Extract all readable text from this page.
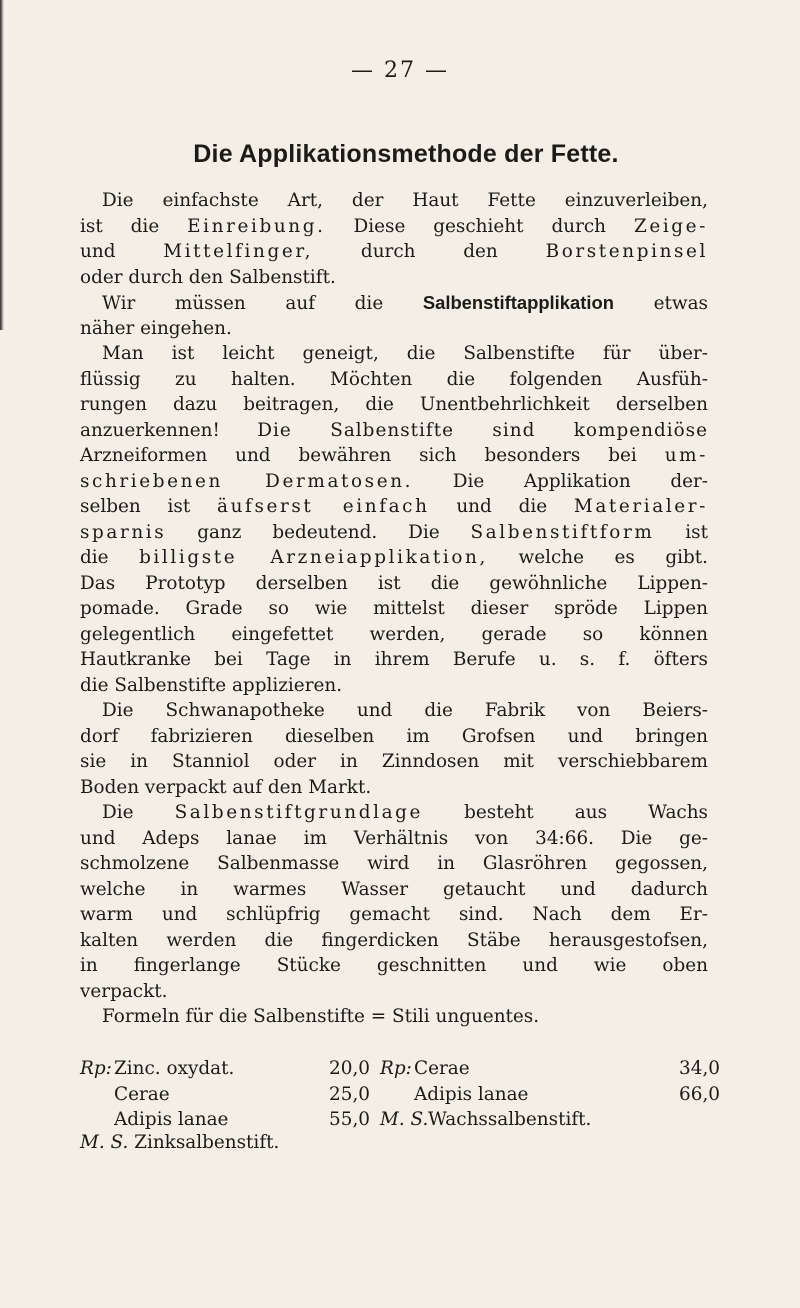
— 27 —
Die Applikationsmethode der Fette.
Die einfachste Art, der Haut Fette einzuverleiben,
ist die Einreibung. Diese geschieht durch Zeige-
und Mittelfinger, durch den Borstenpinsel
oder durch den Salbenstift.
Wir müssen auf die Salbenstiftapplikation etwas
näher eingehen.
Man ist leicht geneigt, die Salbenstifte für über-
flüssig zu halten. Möchten die folgenden Ausfüh-
rungen dazu beitragen, die Unentbehrlichkeit derselben
anzuerkennen! Die Salbenstifte sind kompendiöse
Arzneiformen und bewähren sich besonders bei um-
schriebenen Dermatosen. Die Applikation der-
selben ist äufserst einfach und die Materialer-
sparnis ganz bedeutend. Die Salbenstiftform ist
die billigste Arzneiapplikation, welche es gibt.
Das Prototyp derselben ist die gewöhnliche Lippen-
pomade. Grade so wie mittelst dieser spröde Lippen
gelegentlich eingefettet werden, gerade so können
Hautkranke bei Tage in ihrem Berufe u. s. f. öfters
die Salbenstifte applizieren.
Die Schwanapotheke und die Fabrik von Beiers-
dorf fabrizieren dieselben im Grofsen und bringen
sie in Stanniol oder in Zinndosen mit verschiebbarem
Boden verpackt auf den Markt.
Die Salbenstiftgrundlage besteht aus Wachs
und Adeps lanae im Verhältnis von 34:66. Die ge-
schmolzene Salbenmasse wird in Glasröhren gegossen,
welche in warmes Wasser getaucht und dadurch
warm und schlüpfrig gemacht sind. Nach dem Er-
kalten werden die fingerdicken Stäbe herausgestofsen,
in fingerlange Stücke geschnitten und wie oben
verpackt.
Formeln für die Salbenstifte = Stili unguentes.
Rp: Zinc. oxydat.	20,0
Cerae	25,0
Adipis lanae	55,0
Rp: Cerae	34,0
Adipis lanae	66,0
M. S. Wachssalbenstift.
M. S. Zinksalbenstift.
